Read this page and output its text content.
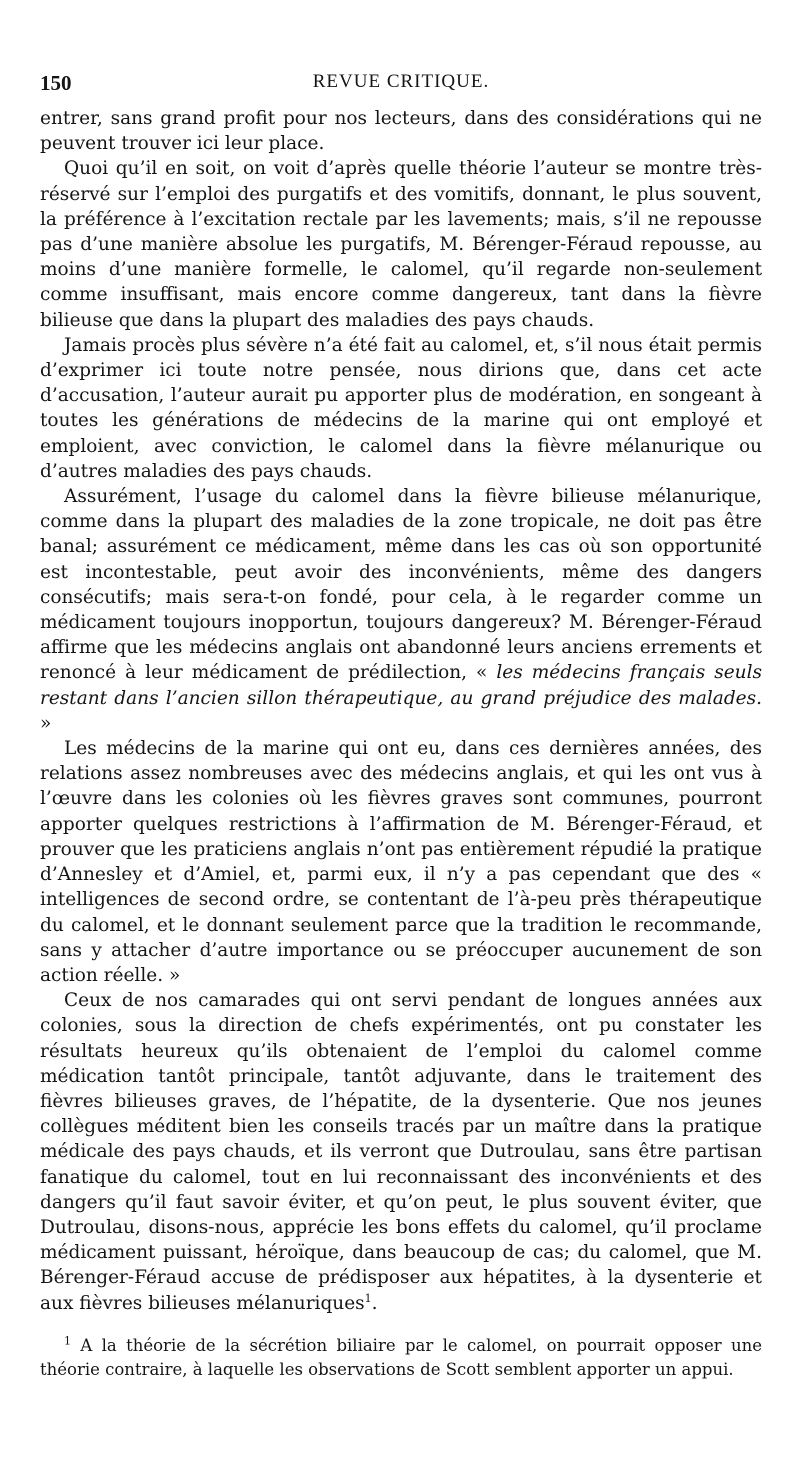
150	REVUE CRITIQUE.

entrer, sans grand profit pour nos lecteurs, dans des considérations qui ne peuvent trouver ici leur place.

Quoi qu’il en soit, on voit d’après quelle théorie l’auteur se montre très-réservé sur l’emploi des purgatifs et des vomitifs, donnant, le plus souvent, la préférence à l’excitation rectale par les lavements; mais, s’il ne repousse pas d’une manière absolue les purgatifs, M. Bérenger-Féraud repousse, au moins d’une manière formelle, le calomel, qu’il regarde non-seulement comme insuffisant, mais encore comme dangereux, tant dans la fièvre bilieuse que dans la plupart des maladies des pays chauds.

Jamais procès plus sévère n’a été fait au calomel, et, s’il nous était permis d’exprimer ici toute notre pensée, nous dirions que, dans cet acte d’accusation, l’auteur aurait pu apporter plus de modération, en songeant à toutes les générations de médecins de la marine qui ont employé et emploient, avec conviction, le calomel dans la fièvre mélanurique ou d’autres maladies des pays chauds.

Assurément, l’usage du calomel dans la fièvre bilieuse mélanurique, comme dans la plupart des maladies de la zone tropicale, ne doit pas être banal; assurément ce médicament, même dans les cas où son opportunité est incontestable, peut avoir des inconvénients, même des dangers consécutifs; mais sera-t-on fondé, pour cela, à le regarder comme un médicament toujours inopportun, toujours dangereux? M. Bérenger-Féraud affirme que les médecins anglais ont abandonné leurs anciens errements et renoncé à leur médicament de prédilection, « les médecins français seuls restant dans l’ancien sillon thérapeutique, au grand préjudice des malades. »

Les médecins de la marine qui ont eu, dans ces dernières années, des relations assez nombreuses avec des médecins anglais, et qui les ont vus à l’œuvre dans les colonies où les fièvres graves sont communes, pourront apporter quelques restrictions à l’affirmation de M. Bérenger-Féraud, et prouver que les praticiens anglais n’ont pas entièrement répudié la pratique d’Annesley et d’Amiel, et, parmi eux, il n’y a pas cependant que des « intelligences de second ordre, se contentant de l’à-peu près thérapeutique du calomel, et le donnant seulement parce que la tradition le recommande, sans y attacher d’autre importance ou se préoccuper aucunement de son action réelle. »

Ceux de nos camarades qui ont servi pendant de longues années aux colonies, sous la direction de chefs expérimentés, ont pu constater les résultats heureux qu’ils obtenaient de l’emploi du calomel comme médication tantôt principale, tantôt adjuvante, dans le traitement des fièvres bilieuses graves, de l’hépatite, de la dysenterie. Que nos jeunes collègues méditent bien les conseils tracés par un maître dans la pratique médicale des pays chauds, et ils verront que Dutroulau, sans être partisan fanatique du calomel, tout en lui reconnaissant des inconvénients et des dangers qu’il faut savoir éviter, et qu’on peut, le plus souvent éviter, que Dutroulau, disons-nous, apprécie les bons effets du calomel, qu’il proclame médicament puissant, héroïque, dans beaucoup de cas; du calomel, que M. Bérenger-Féraud accuse de prédisposer aux hépatites, à la dysenterie et aux fièvres bilieuses mélanuriques$^1$.

$^1$ A la théorie de la sécrétion biliaire par le calomel, on pourrait opposer une théorie contraire, à laquelle les observations de Scott semblent apporter un appui.
